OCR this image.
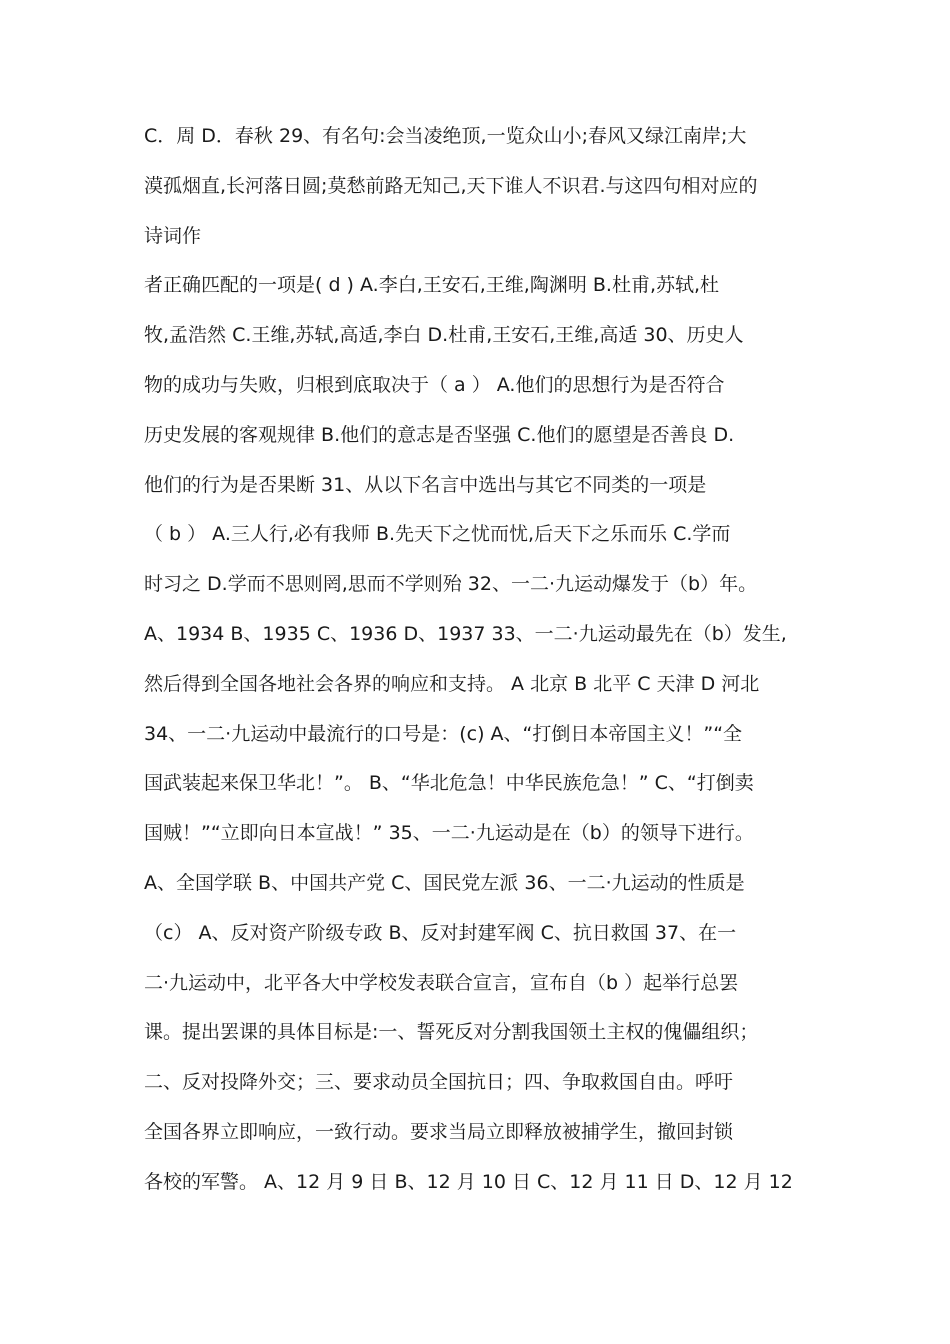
C．周 D．春秋 29、有名句:会当凌绝顶,一览众山小;春风又绿江南岸;大
漠孤烟直,长河落日圆;莫愁前路无知己,天下谁人不识君.与这四句相对应的
诗词作
者正确匹配的一项是( d ) A.李白,王安石,王维,陶渊明 B.杜甫,苏轼,杜
牧,孟浩然 C.王维,苏轼,高适,李白 D.杜甫,王安石,王维,高适 30、历史人
物的成功与失败，归根到底取决于（ a ） A.他们的思想行为是否符合
历史发展的客观规律 B.他们的意志是否坚强 C.他们的愿望是否善良 D.
他们的行为是否果断 31、从以下名言中选出与其它不同类的一项是
（ b ） A.三人行,必有我师 B.先天下之忧而忧,后天下之乐而乐 C.学而
时习之 D.学而不思则罔,思而不学则殆 32、一二·九运动爆发于（b）年。
A、1934 B、1935 C、1936 D、1937 33、一二·九运动最先在（b）发生,
然后得到全国各地社会各界的响应和支持。 A 北京 B 北平 C 天津 D 河北
34、一二·九运动中最流行的口号是：(c) A、“打倒日本帝国主义！”“全
国武装起来保卫华北！”。 B、“华北危急！中华民族危急！” C、“打倒卖
国贼！”“立即向日本宣战！” 35、一二·九运动是在（b）的领导下进行。
A、全国学联 B、中国共产党 C、国民党左派 36、一二·九运动的性质是
（c） A、反对资产阶级专政 B、反对封建军阀 C、抗日救国 37、在一
二·九运动中，北平各大中学校发表联合宣言，宣布自（b ）起举行总罢
课。提出罢课的具体目标是:一、誓死反对分割我国领土主权的傀儡组织；
二、反对投降外交；三、要求动员全国抗日；四、争取救国自由。呼吁
全国各界立即响应，一致行动。要求当局立即释放被捕学生，撤回封锁
各校的军警。 A、12 月 9 日 B、12 月 10 日 C、12 月 11 日 D、12 月 12
